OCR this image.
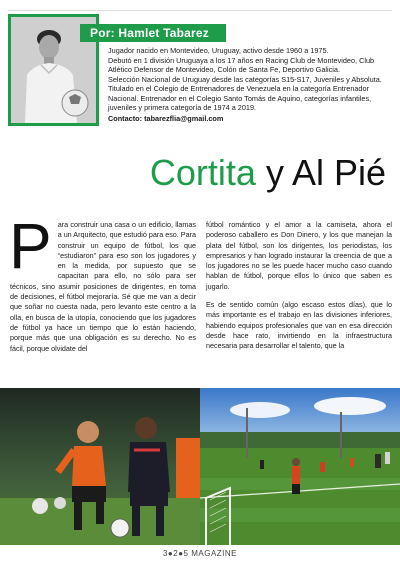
Por: Hamlet Tabarez

Jugador nacido en Montevideo, Uruguay, activo desde 1960 a 1975.

Debutó en 1 división Uruguaya a los 17 años en Racing Club de Montevideo, Club Atlético Defensor de Montevideo, Colón de Santa Fe, Deportivo Galicia.

Selección Nacional de Uruguay desde las categorías S15-S17, Juveniles y Absoluta.

Titulado en el Colegio de Entrenadores de Venezuela en la categoría Entrenador Nacional. Entrenador en el Colegio Santo Tomás de Aquino, categorías infantiles, juveniles y primera categoría de 1974 a 2019.

Contacto: tabarezflia@gmail.com

Cortita y Al Pié
Para construir una casa o un edificio, llamas a un Arquitecto, que estudió para eso. Para construir un equipo de fútbol, los que “estudiaron” para eso son los jugadores y en la medida, por supuesto que se capacitan para ello, no sólo para ser técnicos, sino asumir posiciones de dirigentes, en toma de decisiones, el fútbol mejoraría. Sé que me van a decir que soñar no cuesta nada, pero levanto este centro a la olla, en busca de la utopía, conociendo que los jugadores de fútbol ya hace un tiempo que lo están haciendo, porque más que una obligación es su derecho. No es fácil, porque olvidate del

fútbol romántico y el amor a la camiseta, ahora el poderoso caballero es Don Dinero, y los que manejan la plata del fútbol, son los dirigentes, los periodistas, los empresarios y han logrado instaurar la creencia de que a los jugadores no se les puede hacer mucho caso cuando hablan de fútbol, porque ellos lo único que saben es jugarlo.

Es de sentido común (algo escaso estos días), que lo más importante es el trabajo en las divisiones inferiores, habiendo equipos profesionales que van en esa dirección desde hace rato, invirtiendo en la infraestructura necesaria para desarrollar el talento, que la

3●2●5 MAGAZINE
